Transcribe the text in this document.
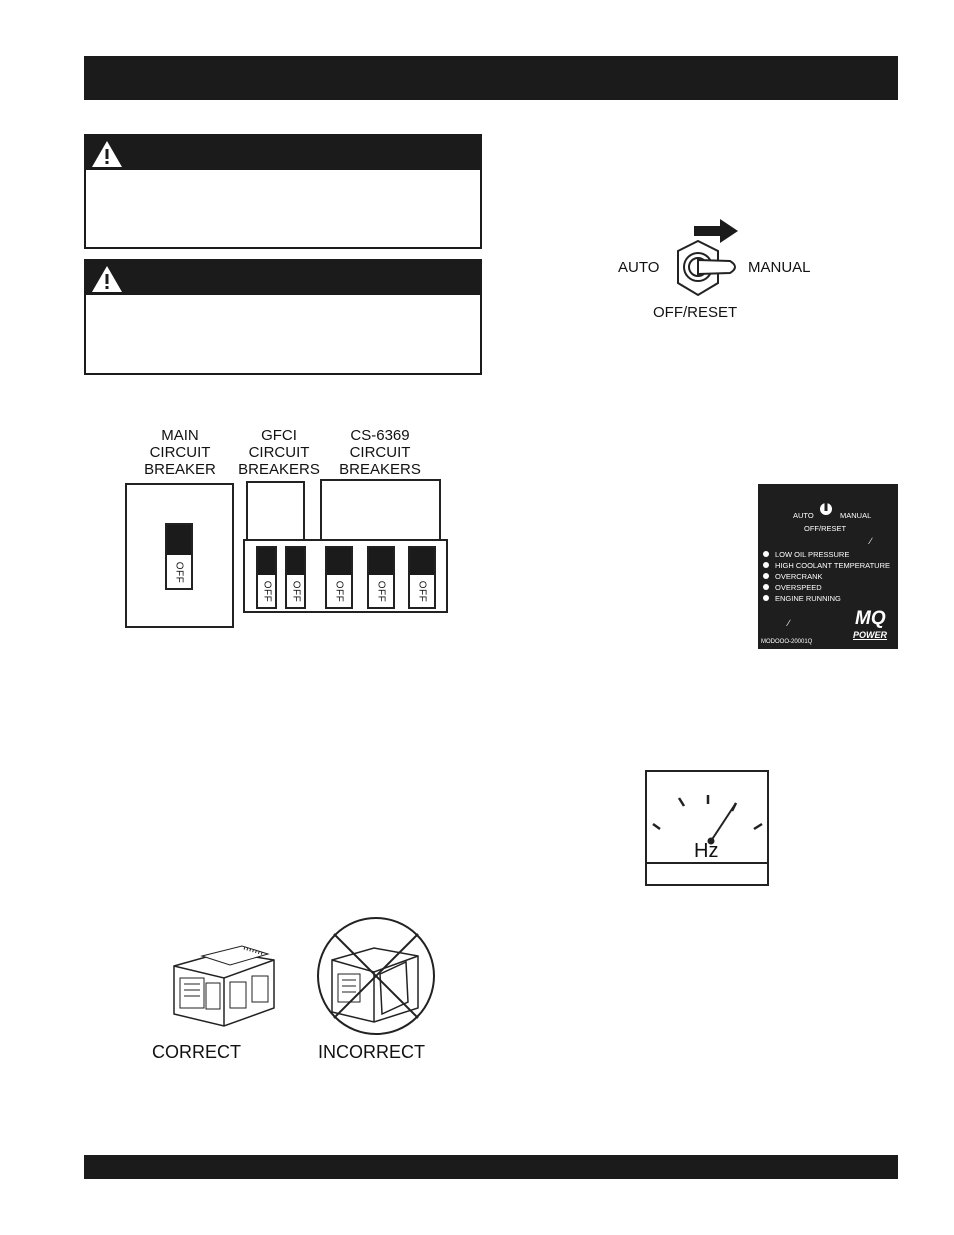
AUTO	MANUAL
OFF/RESET
MAIN
CIRCUIT
BREAKER
GFCI
CIRCUIT
BREAKERS
CS-6369
CIRCUIT
BREAKERS
OFF
OFF OFF	OFF	OFF	OFF
AUTO	MANUAL
OFF/RESET
LOW OIL PRESSURE
HIGH COOLANT TEMPERATURE
OVERCRANK
OVERSPEED
ENGINE RUNNING
∕
∕	MQ
POWER
MODOOO-20001Q
Hz
CORRECT	INCORRECT
